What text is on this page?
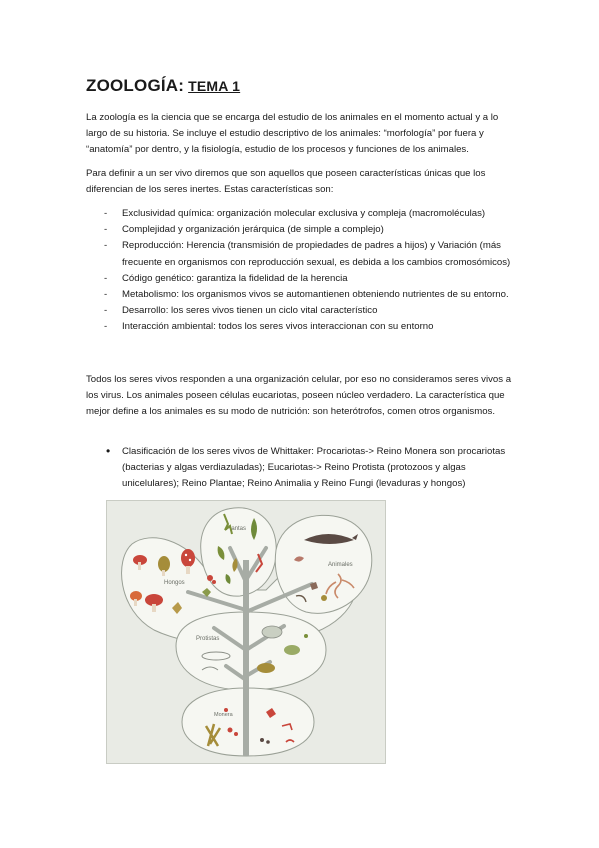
ZOOLOGÍA: TEMA 1

La zoología es la ciencia que se encarga del estudio de los animales en el momento actual y a lo largo de su historia. Se incluye el estudio descriptivo de los animales: “morfología” por fuera y “anatomía” por dentro, y la fisiología, estudio de los procesos y funciones de los animales.

Para definir a un ser vivo diremos que son aquellos que poseen características únicas que los diferencian de los seres inertes. Estas características son:

- Exclusividad química: organización molecular exclusiva y compleja (macromoléculas)
- Complejidad y organización jerárquica (de simple a complejo)
- Reproducción: Herencia (transmisión de propiedades de padres a hijos) y Variación (más frecuente en organismos con reproducción sexual, es debida a los cambios cromosómicos)
- Código genético: garantiza la fidelidad de la herencia
- Metabolismo: los organismos vivos se automantienen obteniendo nutrientes de su entorno.
- Desarrollo: los seres vivos tienen un ciclo vital característico
- Interacción ambiental: todos los seres vivos interaccionan con su entorno

Todos los seres vivos responden a una organización celular, por eso no consideramos seres vivos a los virus. Los animales poseen células eucariotas, poseen núcleo verdadero. La característica que mejor define a los animales es su modo de nutrición: son heterótrofos, comen otros organismos.

• Clasificación de los seres vivos de Whittaker: Procariotas-> Reino Monera son procariotas (bacterias y algas verdiazuladas); Eucariotas-> Reino Protista (protozoos y algas unicelulares); Reino Plantae; Reino Animalia y Reino Fungi (levaduras y hongos)
Plantas
Animales
Hongos
Protistas
Monera
